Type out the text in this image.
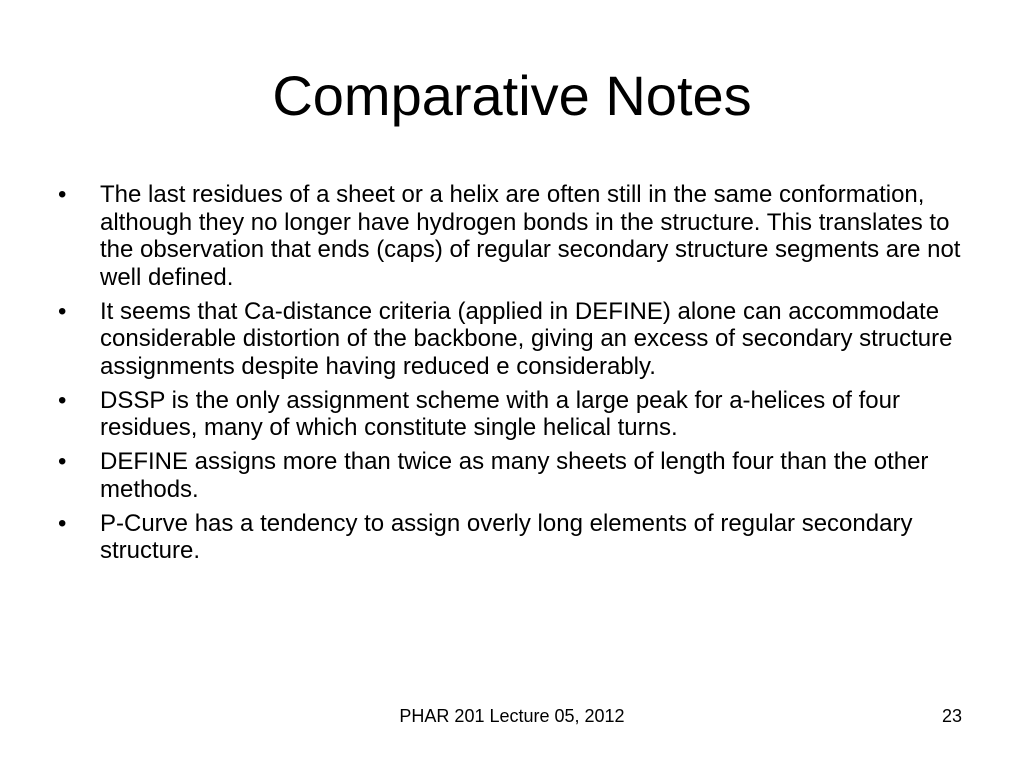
Comparative Notes
•	The last residues of a sheet or a helix are often still in the same conformation, although they no longer have hydrogen bonds in the structure. This translates to the observation that ends (caps) of regular secondary structure segments are not well defined.
•	It seems that Ca-distance criteria (applied in DEFINE) alone can accommodate considerable distortion of the backbone, giving an excess of secondary structure assignments despite having reduced e considerably.
•	DSSP is the only assignment scheme with a large peak for a-helices of four residues, many of which constitute single helical turns.
•	DEFINE assigns more than twice as many sheets of length four than the other methods.
•	P-Curve has a tendency to assign overly long elements of regular secondary structure.
PHAR 201 Lecture 05, 2012	23
